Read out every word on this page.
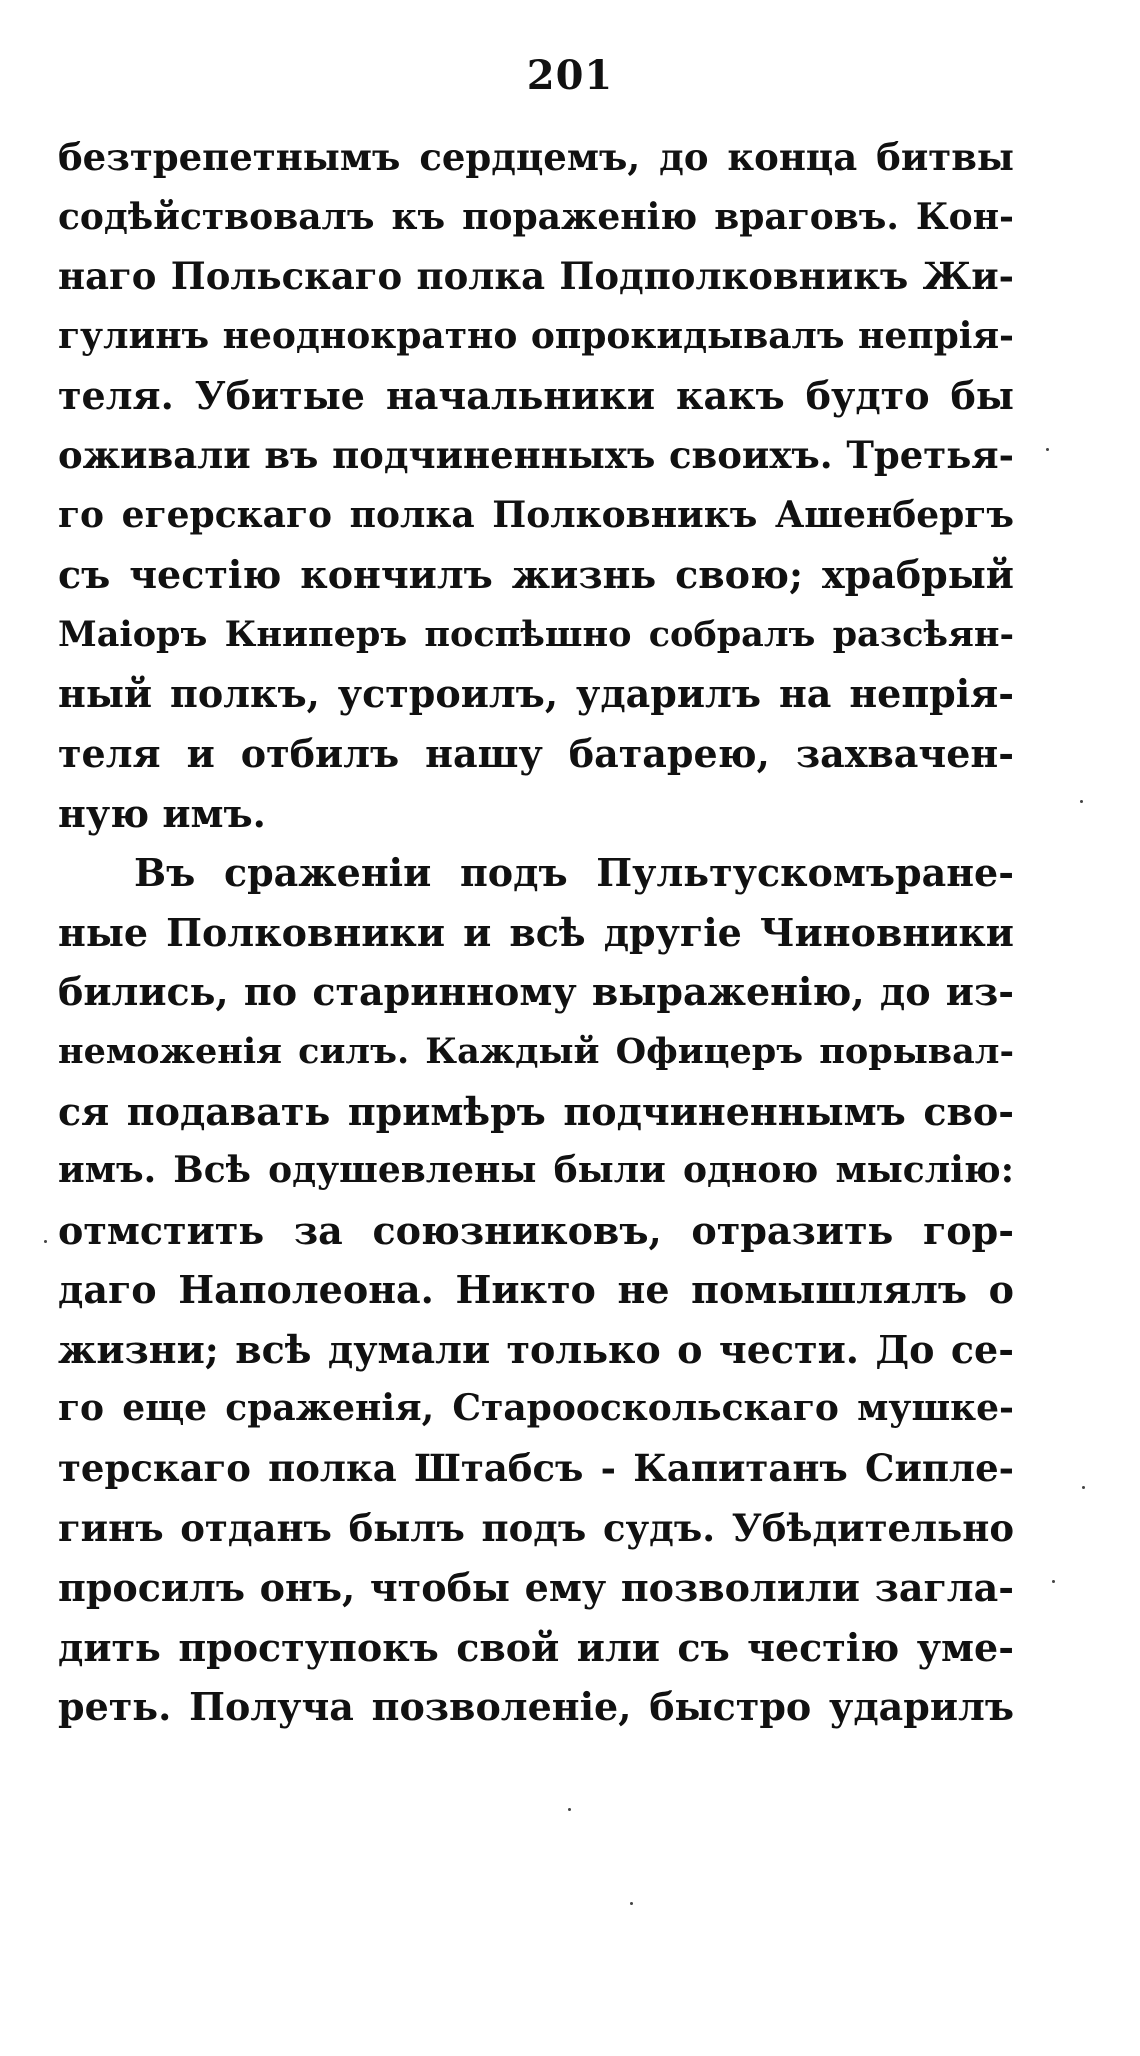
201
безтрепетнымъ сердцемъ, до конца битвы
содѣйствовалъ къ пораженію враговъ. Кон-
наго Польскаго полка Подполковникъ Жи-
гулинъ неоднократно опрокидывалъ непрія-
теля. Убитые начальники какъ будто бы
оживали въ подчиненныхъ своихъ. Третья-
го егерскаго полка Полковникъ Ашенбергъ
съ честію кончилъ жизнь свою; храбрый
Маіоръ Книперъ поспѣшно собралъ разсѣян-
ный полкъ, устроилъ, ударилъ на непрія-
теля и отбилъ нашу батарею, захвачен-
ную имъ.
Въ сраженіи подъ Пультускомъране-
ные Полковники и всѣ другіе Чиновники
бились, по старинному выраженію, до из-
неможенія силъ. Каждый Офицеръ порывал-
ся подавать примѣръ подчиненнымъ сво-
имъ. Всѣ одушевлены были одною мыслію:
отмстить за союзниковъ, отразить гор-
даго Наполеона. Никто не помышлялъ о
жизни; всѣ думали только о чести. До се-
го еще сраженія, Старооскольскаго мушке-
терскаго полка Штабсъ - Капитанъ Сиплe-
гинъ отданъ былъ подъ судъ. Убѣдительно
просилъ онъ, чтобы ему позволили загла-
дить проступокъ свой или съ честію уме-
реть. Получа позволеніе, быстро ударилъ
